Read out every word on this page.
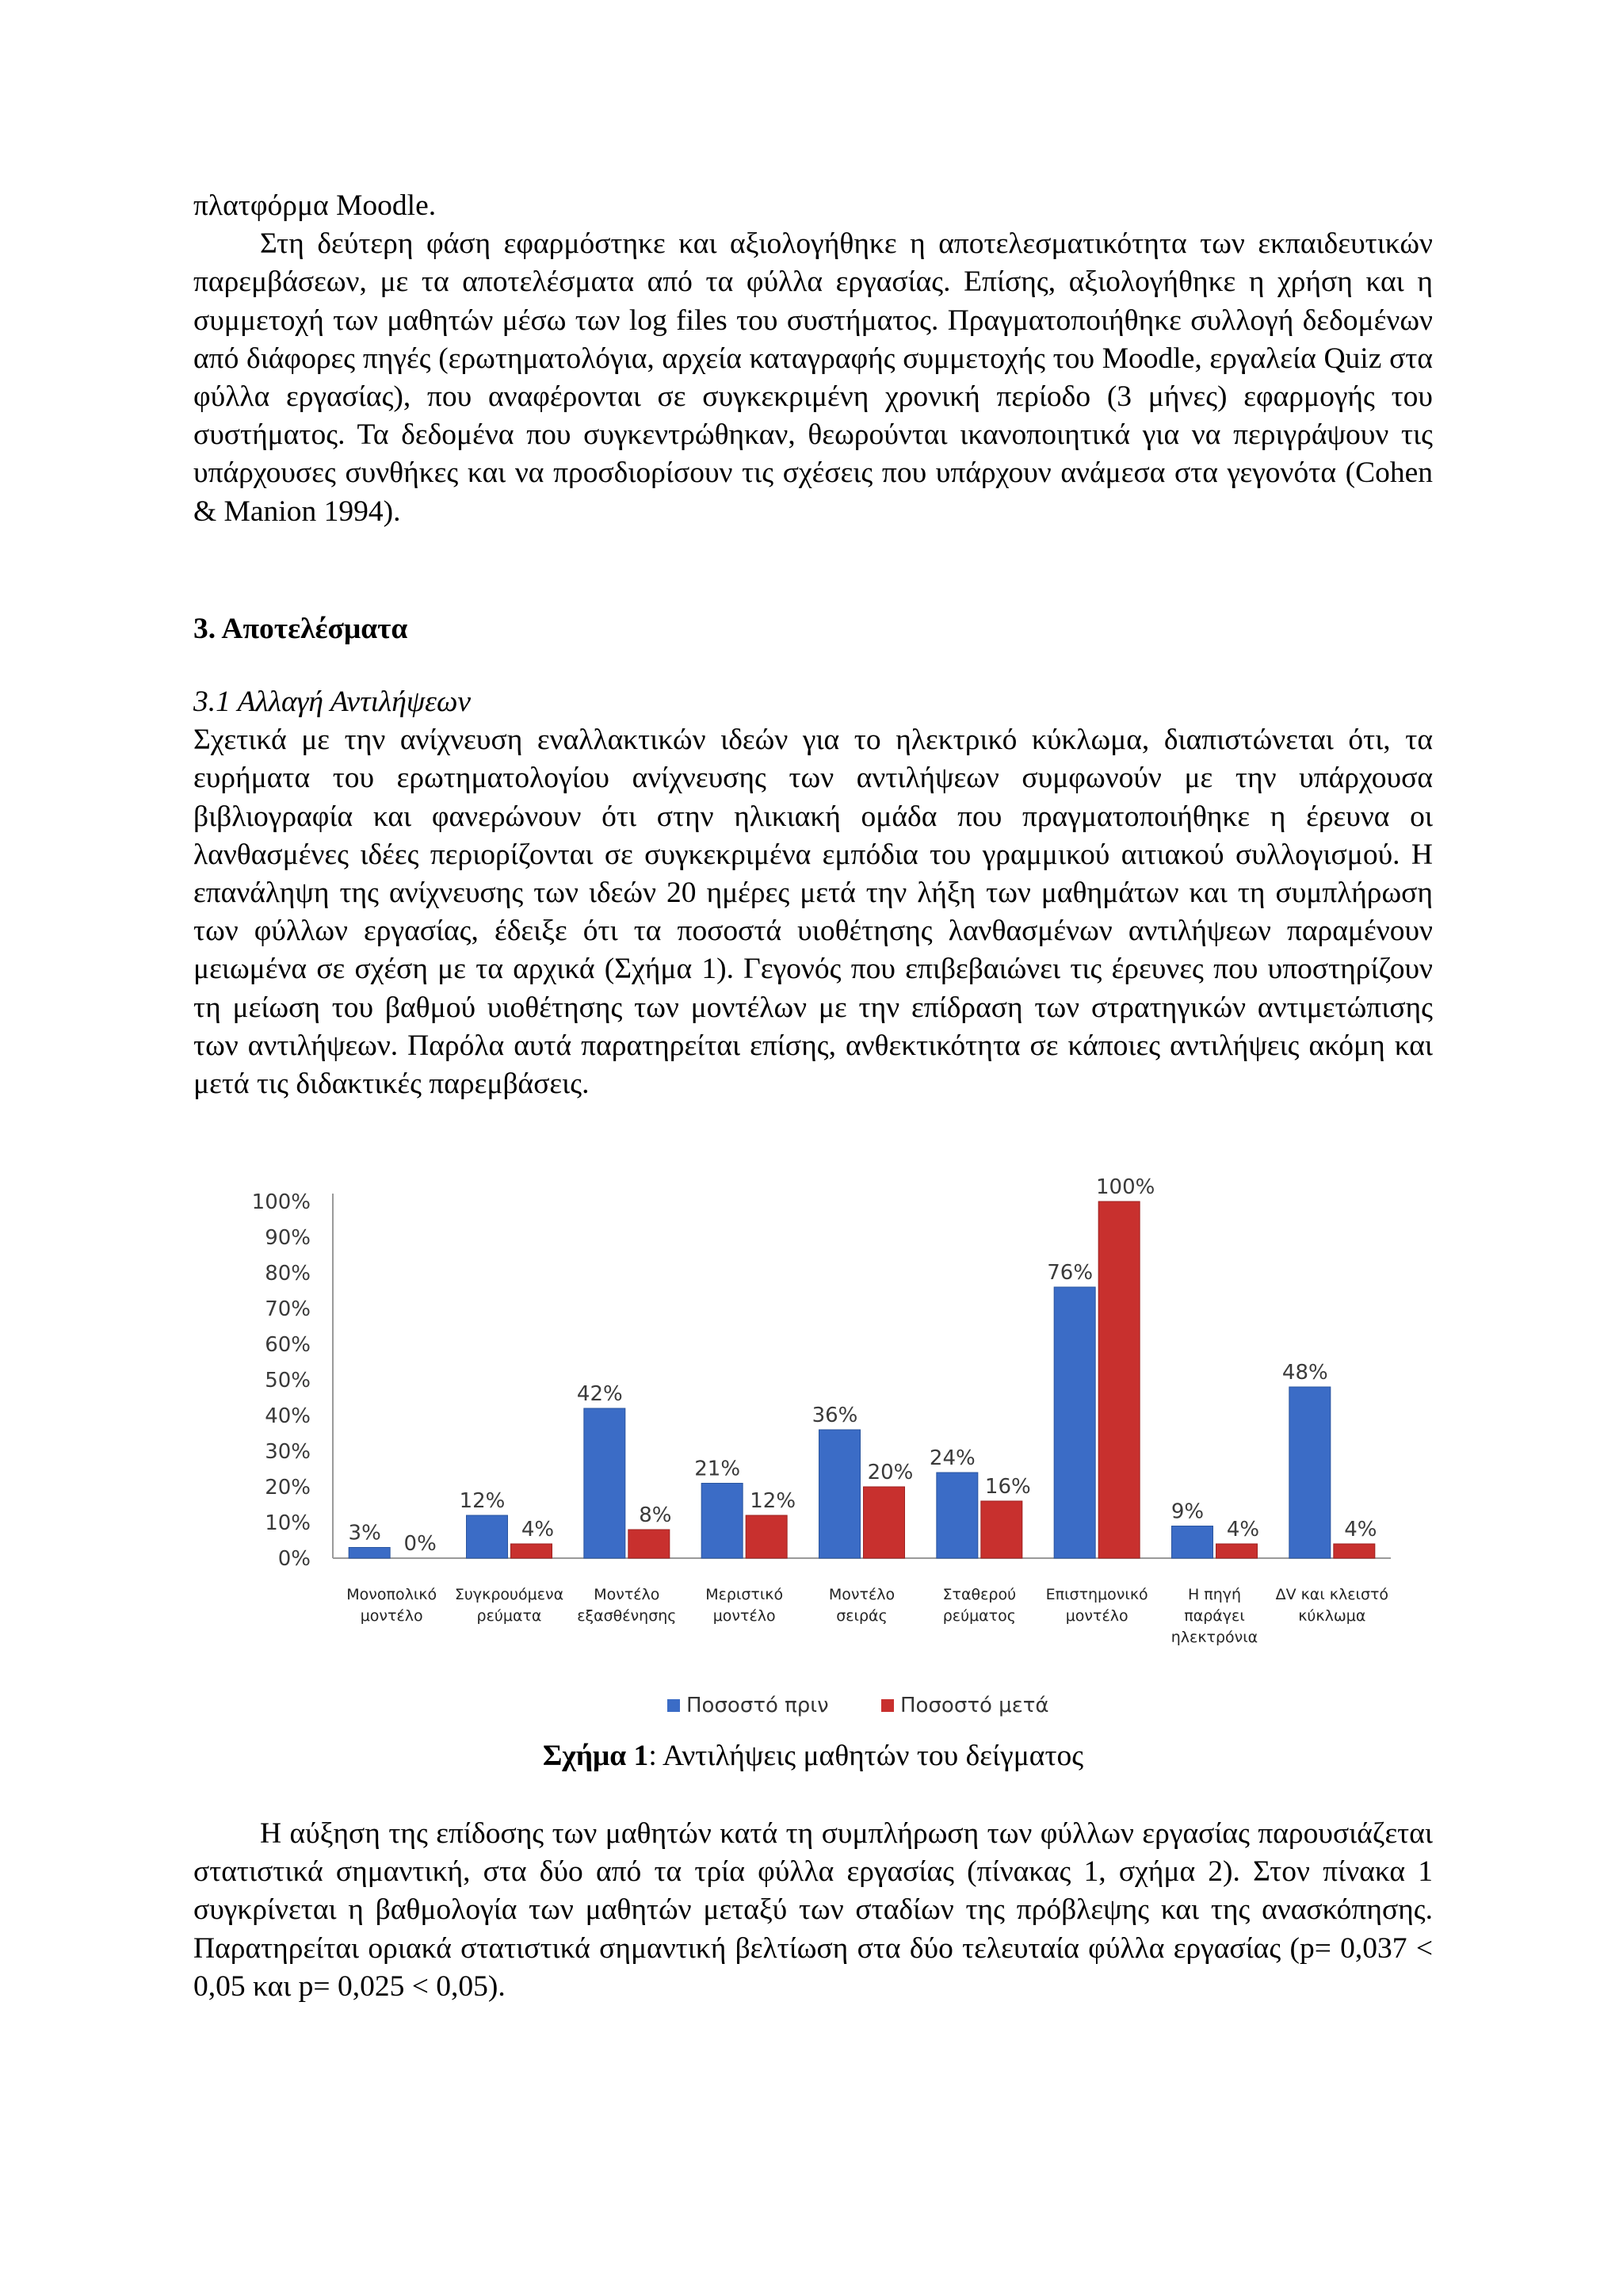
πλατφόρμα Moodle.

Στη δεύτερη φάση εφαρμόστηκε και αξιολογήθηκε η αποτελεσματικότητα των εκπαιδευτικών παρεμβάσεων, με τα αποτελέσματα από τα φύλλα εργασίας. Επίσης, αξιολογήθηκε η χρήση και η συμμετοχή των μαθητών μέσω των log files του συστήματος. Πραγματοποιήθηκε συλλογή δεδομένων από διάφορες πηγές (ερωτηματολόγια, αρχεία καταγραφής συμμετοχής του Moodle, εργαλεία Quiz στα φύλλα εργασίας), που αναφέρονται σε συγκεκριμένη χρονική περίοδο (3 μήνες) εφαρμογής του συστήματος. Τα δεδομένα που συγκεντρώθηκαν, θεωρούνται ικανοποιητικά για να περιγράψουν τις υπάρχουσες συνθήκες και να προσδιορίσουν τις σχέσεις που υπάρχουν ανάμεσα στα γεγονότα (Cohen & Manion 1994).

3. Αποτελέσματα

3.1 Αλλαγή Αντιλήψεων

Σχετικά με την ανίχνευση εναλλακτικών ιδεών για το ηλεκτρικό κύκλωμα, διαπιστώνεται ότι, τα ευρήματα του ερωτηματολογίου ανίχνευσης των αντιλήψεων συμφωνούν με την υπάρχουσα βιβλιογραφία και φανερώνουν ότι στην ηλικιακή ομάδα που πραγματοποιήθηκε η έρευνα οι λανθασμένες ιδέες περιορίζονται σε συγκεκριμένα εμπόδια του γραμμικού αιτιακού συλλογισμού. Η επανάληψη της ανίχνευσης των ιδεών 20 ημέρες μετά την λήξη των μαθημάτων και τη συμπλήρωση των φύλλων εργασίας, έδειξε ότι τα ποσοστά υιοθέτησης λανθασμένων αντιλήψεων παραμένουν μειωμένα σε σχέση με τα αρχικά (Σχήμα 1). Γεγονός που επιβεβαιώνει τις έρευνες που υποστηρίζουν τη μείωση του βαθμού υιοθέτησης των μοντέλων με την επίδραση των στρατηγικών αντιμετώπισης των αντιλήψεων. Παρόλα αυτά παρατηρείται επίσης, ανθεκτικότητα σε κάποιες αντιλήψεις ακόμη και μετά τις διδακτικές παρεμβάσεις.

0%
10%
20%
30%
40%
50%
60%
70%
80%
90%
100%
3% 0%
Μονοπολικό
μοντέλο
12%
4%
Συγκρουόμενα
ρεύματα
42%
8%
Μοντέλο
εξασθένησης
21%
12%
Μεριστικό
μοντέλο
36%
20%
Μοντέλο
σειράς
24%
16%
Σταθερού
ρεύματος
76%
100%
Επιστημονικό
μοντέλο
9%
4%
Η πηγή
παράγει
ηλεκτρόνια
48%
4%
ΔV και κλειστό
κύκλωμα
Ποσοστό πριν	Ποσοστό μετά
Σχήμα 1: Αντιλήψεις μαθητών του δείγματος

Η αύξηση της επίδοσης των μαθητών κατά τη συμπλήρωση των φύλλων εργασίας παρουσιάζεται στατιστικά σημαντική, στα δύο από τα τρία φύλλα εργασίας (πίνακας 1, σχήμα 2). Στον πίνακα 1 συγκρίνεται η βαθμολογία των μαθητών μεταξύ των σταδίων της πρόβλεψης και της ανασκόπησης. Παρατηρείται οριακά στατιστικά σημαντική βελτίωση στα δύο τελευταία φύλλα εργασίας (p= 0,037 < 0,05 και p= 0,025 < 0,05).
